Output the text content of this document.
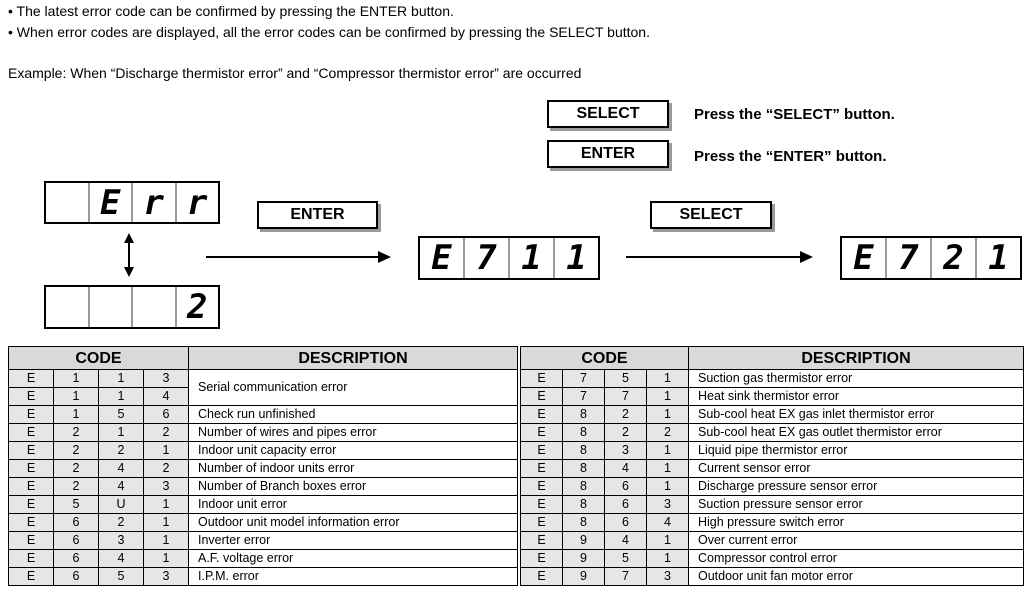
• The latest error code can be confirmed by pressing the ENTER button.
• When error codes are displayed, all the error codes can be confirmed by pressing the SELECT button.
Example: When “Discharge thermistor error” and “Compressor thermistor error” are occurred
SELECT	Press the “SELECT” button.
ENTER	Press the “ENTER” button.
E r r
2
ENTER
E 7 1 1
SELECT
E 7 2 1
CODE				DESCRIPTION
E	1	1	3	Serial communication error
E	1	1	4	
E	1	5	6	Check run unfinished
E	2	1	2	Number of wires and pipes error
E	2	2	1	Indoor unit capacity error
E	2	4	2	Number of indoor units error
E	2	4	3	Number of Branch boxes error
E	5	U	1	Indoor unit error
E	6	2	1	Outdoor unit model information error
E	6	3	1	Inverter error
E	6	4	1	A.F. voltage error
E	6	5	3	I.P.M. error
CODE				DESCRIPTION
E	7	5	1	Suction gas thermistor error
E	7	7	1	Heat sink thermistor error
E	8	2	1	Sub-cool heat EX gas inlet thermistor error
E	8	2	2	Sub-cool heat EX gas outlet thermistor error
E	8	3	1	Liquid pipe thermistor error
E	8	4	1	Current sensor error
E	8	6	1	Discharge pressure sensor error
E	8	6	3	Suction pressure sensor error
E	8	6	4	High pressure switch error
E	9	4	1	Over current error
E	9	5	1	Compressor control error
E	9	7	3	Outdoor unit fan motor error
